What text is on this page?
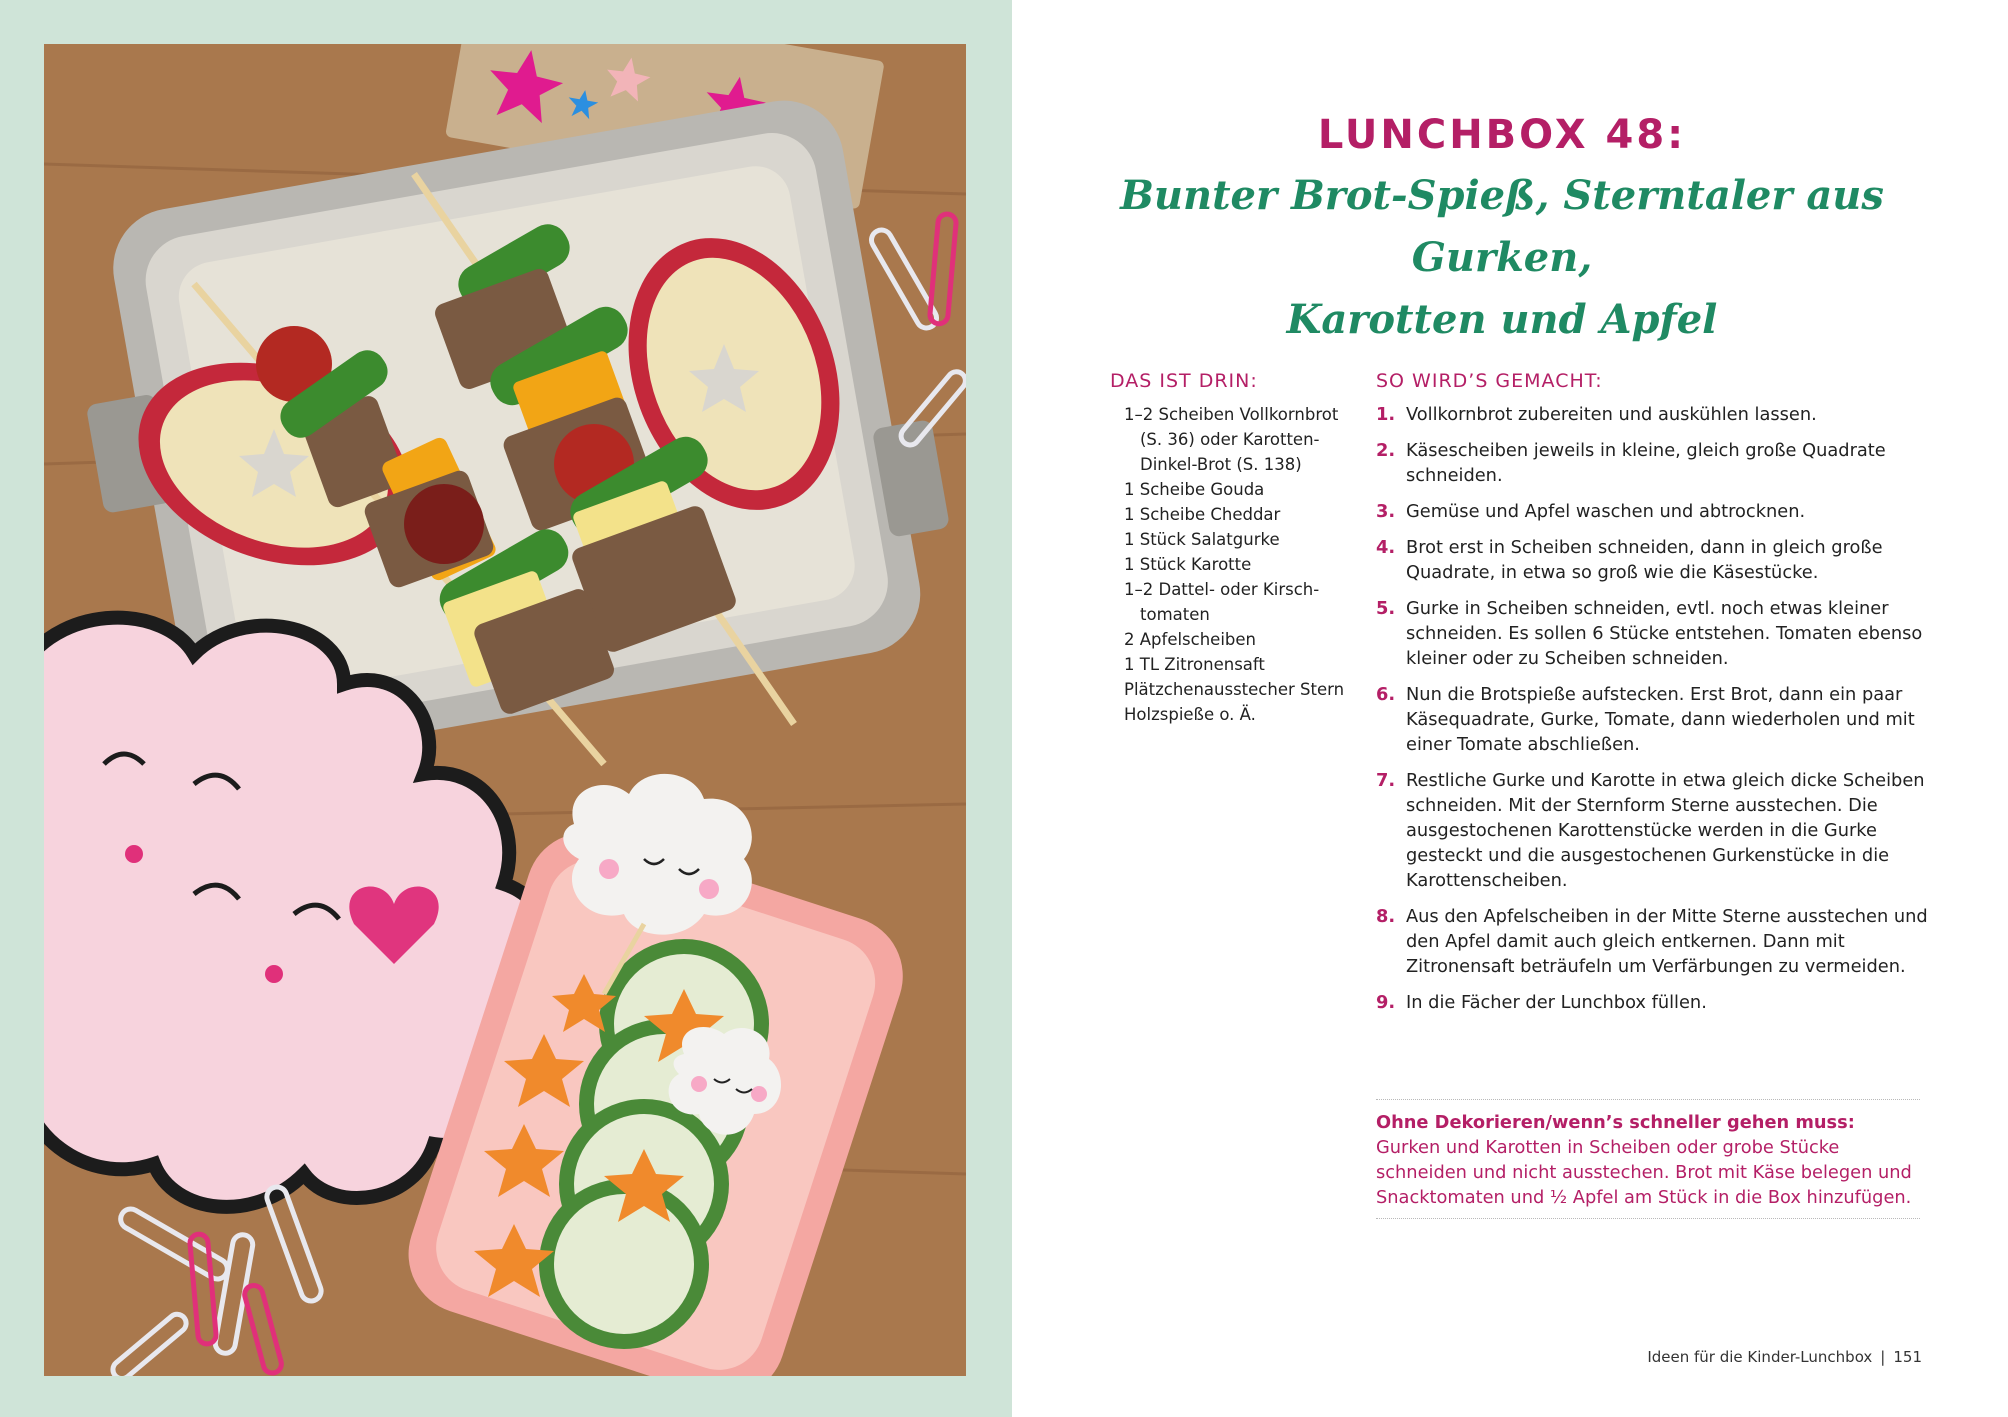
LUNCHBOX 48:
Bunter Brot-Spieß, Sterntaler aus Gurken,
Karotten und Apfel
DAS IST DRIN:
1–2 Scheiben Vollkornbrot
(S. 36) oder Karotten-
Dinkel-Brot (S. 138)
1 Scheibe Gouda
1 Scheibe Cheddar
1 Stück Salatgurke
1 Stück Karotte
1–2 Dattel- oder Kirsch-
tomaten
2 Apfelscheiben
1 TL Zitronensaft
Plätzchenausstecher Stern
Holzspieße o. Ä.
SO WIRD’S GEMACHT:
1. Vollkornbrot zubereiten und auskühlen lassen.
2. Käsescheiben jeweils in kleine, gleich große Quadrate schneiden.
3. Gemüse und Apfel waschen und abtrocknen.
4. Brot erst in Scheiben schneiden, dann in gleich große Quadrate, in etwa so groß wie die Käsestücke.
5. Gurke in Scheiben schneiden, evtl. noch etwas kleiner schneiden. Es sollen 6 Stücke entstehen. Tomaten ebenso kleiner oder zu Scheiben schneiden.
6. Nun die Brotspieße aufstecken. Erst Brot, dann ein paar Käsequadrate, Gurke, Tomate, dann wiederholen und mit einer Tomate abschließen.
7. Restliche Gurke und Karotte in etwa gleich dicke Scheiben schneiden. Mit der Sternform Sterne ausstechen. Die ausgestochenen Karottenstücke werden in die Gurke gesteckt und die ausgestochenen Gurkenstücke in die Karottenscheiben.
8. Aus den Apfelscheiben in der Mitte Sterne ausstechen und den Apfel damit auch gleich entkernen. Dann mit Zitronensaft beträufeln um Verfärbungen zu vermeiden.
9. In die Fächer der Lunchbox füllen.
Ohne Dekorieren/wenn’s schneller gehen muss:
Gurken und Karotten in Scheiben oder grobe Stücke schneiden und nicht ausstechen. Brot mit Käse belegen und Snacktomaten und ½ Apfel am Stück in die Box hinzufügen.
Ideen für die Kinder-Lunchbox | 151
